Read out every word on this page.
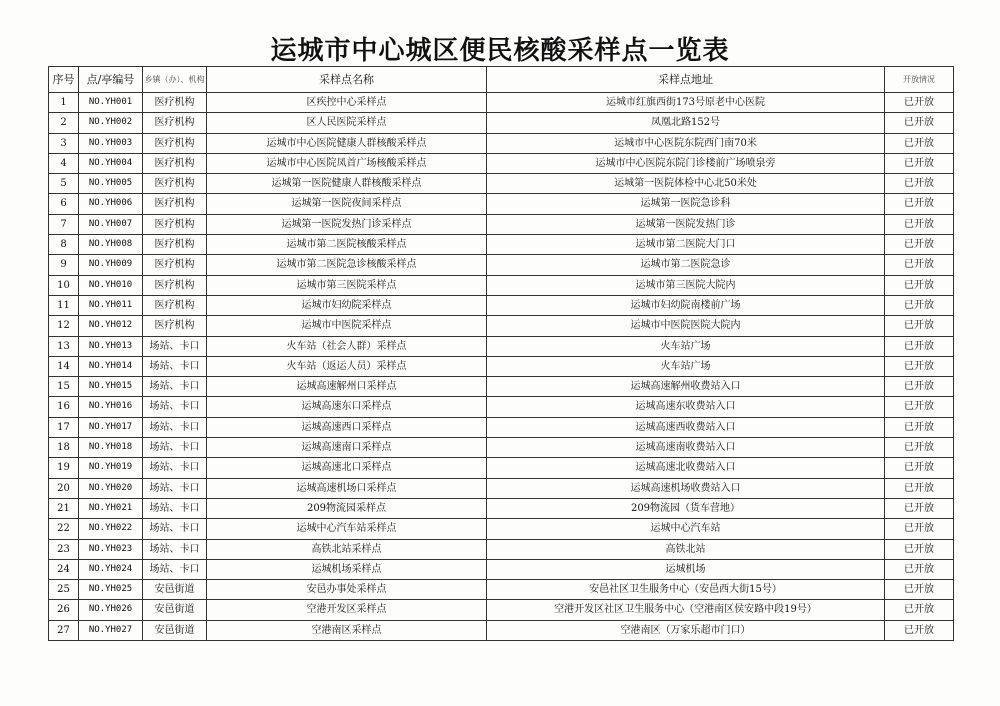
运城市中心城区便民核酸采样点一览表
序号	点/亭编号	乡镇（办）、机构	采样点名称	采样点地址	开放情况
1	NO.YH001	医疗机构	区疾控中心采样点	运城市红旗西街173号原老中心医院	已开放
2	NO.YH002	医疗机构	区人民医院采样点	凤凰北路152号	已开放
3	NO.YH003	医疗机构	运城市中心医院健康人群核酸采样点	运城市中心医院东院西门南70米	已开放
4	NO.YH004	医疗机构	运城市中心医院凤首广场核酸采样点	运城市中心医院东院门诊楼前广场喷泉旁	已开放
5	NO.YH005	医疗机构	运城第一医院健康人群核酸采样点	运城第一医院体检中心北50米处	已开放
6	NO.YH006	医疗机构	运城第一医院夜间采样点	运城第一医院急诊科	已开放
7	NO.YH007	医疗机构	运城第一医院发热门诊采样点	运城第一医院发热门诊	已开放
8	NO.YH008	医疗机构	运城市第二医院核酸采样点	运城市第二医院大门口	已开放
9	NO.YH009	医疗机构	运城市第二医院急诊核酸采样点	运城市第二医院急诊	已开放
10	NO.YH010	医疗机构	运城市第三医院采样点	运城市第三医院大院内	已开放
11	NO.YH011	医疗机构	运城市妇幼院采样点	运城市妇幼院南楼前广场	已开放
12	NO.YH012	医疗机构	运城市中医院采样点	运城市中医院医院大院内	已开放
13	NO.YH013	场站、卡口	火车站（社会人群）采样点	火车站广场	已开放
14	NO.YH014	场站、卡口	火车站（返运人员）采样点	火车站广场	已开放
15	NO.YH015	场站、卡口	运城高速解州口采样点	运城高速解州收费站入口	已开放
16	NO.YH016	场站、卡口	运城高速东口采样点	运城高速东收费站入口	已开放
17	NO.YH017	场站、卡口	运城高速西口采样点	运城高速西收费站入口	已开放
18	NO.YH018	场站、卡口	运城高速南口采样点	运城高速南收费站入口	已开放
19	NO.YH019	场站、卡口	运城高速北口采样点	运城高速北收费站入口	已开放
20	NO.YH020	场站、卡口	运城高速机场口采样点	运城高速机场收费站入口	已开放
21	NO.YH021	场站、卡口	209物流园采样点	209物流园（货车营地）	已开放
22	NO.YH022	场站、卡口	运城中心汽车站采样点	运城中心汽车站	已开放
23	NO.YH023	场站、卡口	高铁北站采样点	高铁北站	已开放
24	NO.YH024	场站、卡口	运城机场采样点	运城机场	已开放
25	NO.YH025	安邑街道	安邑办事处采样点	安邑社区卫生服务中心（安邑西大街15号）	已开放
26	NO.YH026	安邑街道	空港开发区采样点	空港开发区社区卫生服务中心（空港南区侯安路中段19号）	已开放
27	NO.YH027	安邑街道	空港南区采样点	空港南区（万家乐超市门口）	已开放
